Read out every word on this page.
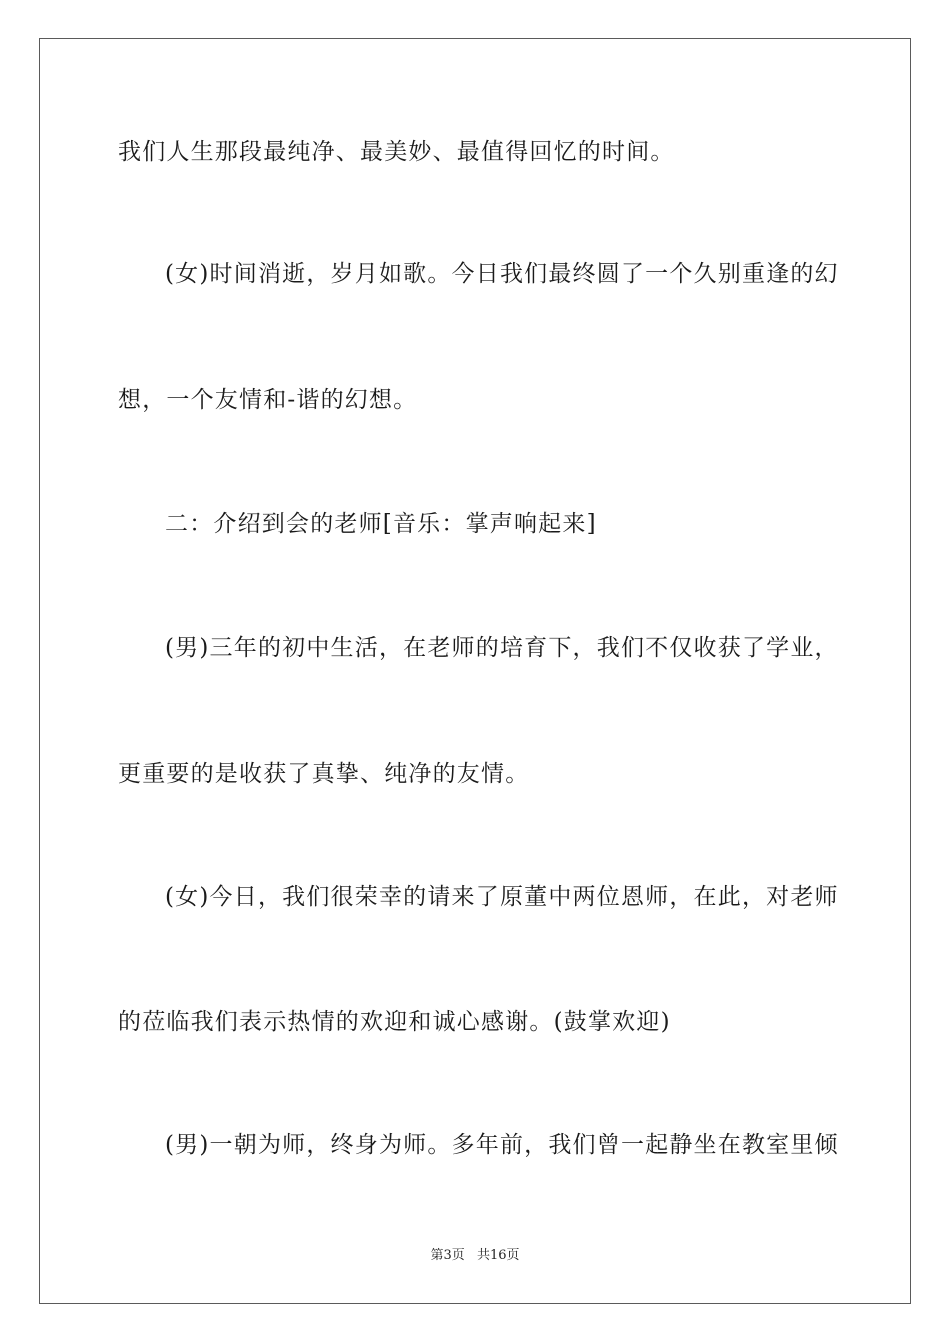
我们人生那段最纯净、最美妙、最值得回忆的时间。
(女)时间消逝，岁月如歌。今日我们最终圆了一个久别重逢的幻
想，一个友情和-谐的幻想。
二：介绍到会的老师[音乐：掌声响起来]
(男)三年的初中生活，在老师的培育下，我们不仅收获了学业，
更重要的是收获了真挚、纯净的友情。
(女)今日，我们很荣幸的请来了原董中两位恩师，在此，对老师
的莅临我们表示热情的欢迎和诚心感谢。(鼓掌欢迎)
(男)一朝为师，终身为师。多年前，我们曾一起静坐在教室里倾
第3页 共16页
